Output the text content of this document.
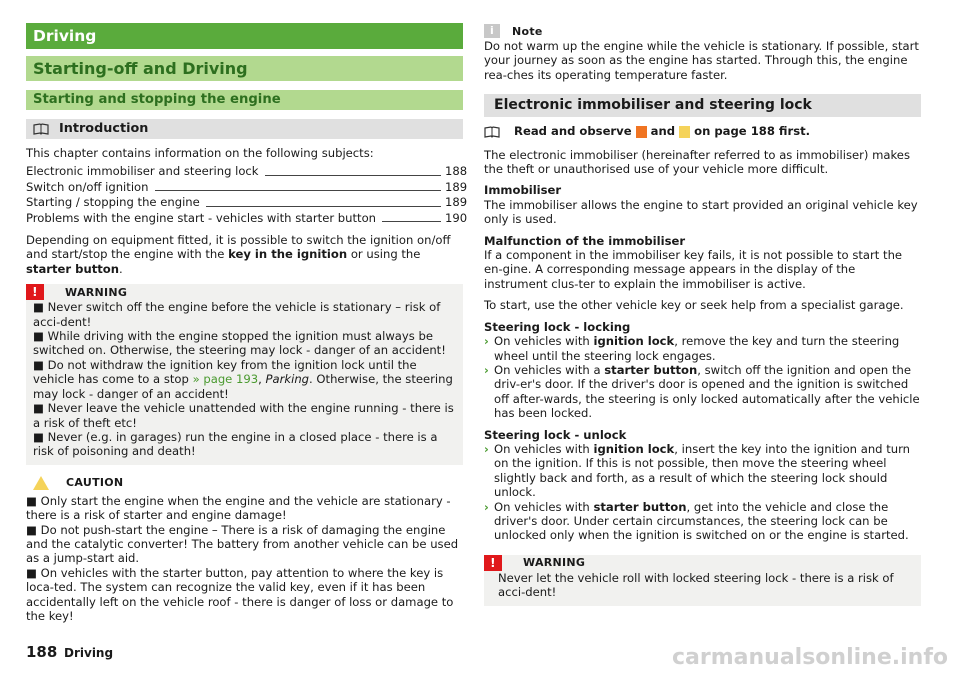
Driving
Starting-off and Driving
Starting and stopping the engine
Introduction

This chapter contains information on the following subjects:

Electronic immobiliser and steering lock	188
Switch on/off ignition	189
Starting / stopping the engine	189
Problems with the engine start - vehicles with starter button	190

Depending on equipment fitted, it is possible to switch the ignition on/off and start/stop the engine with the key in the ignition or using the starter button.

!	WARNING

■ Never switch off the engine before the vehicle is stationary – risk of acci-dent!

■ While driving with the engine stopped the ignition must always be switched on. Otherwise, the steering may lock - danger of an accident!

■ Do not withdraw the ignition key from the ignition lock until the vehicle has come to a stop » page 193, Parking. Otherwise, the steering may lock - danger of an accident!

■ Never leave the vehicle unattended with the engine running - there is a risk of theft etc!

■ Never (e.g. in garages) run the engine in a closed place - there is a risk of poisoning and death!

CAUTION

■ Only start the engine when the engine and the vehicle are stationary - there is a risk of starter and engine damage!

■ Do not push-start the engine – There is a risk of damaging the engine and the catalytic converter! The battery from another vehicle can be used as a jump-start aid.

■ On vehicles with the starter button, pay attention to where the key is loca-ted. The system can recognize the valid key, even if it has been accidentally left on the vehicle roof - there is danger of loss or damage to the key!

i	Note

Do not warm up the engine while the vehicle is stationary. If possible, start your journey as soon as the engine has started. Through this, the engine rea-ches its operating temperature faster.

Electronic immobiliser and steering lock

Read and observe  and  on page 188 first.

The electronic immobiliser (hereinafter referred to as immobiliser) makes the theft or unauthorised use of your vehicle more difficult.

Immobiliser

The immobiliser allows the engine to start provided an original vehicle key only is used.

Malfunction of the immobiliser

If a component in the immobiliser key fails, it is not possible to start the en-gine. A corresponding message appears in the display of the instrument clus-ter to explain the immobiliser is active.

To start, use the other vehicle key or seek help from a specialist garage.

Steering lock - locking

› On vehicles with ignition lock, remove the key and turn the steering wheel until the steering lock engages.
› On vehicles with a starter button, switch off the ignition and open the driv-er's door. If the driver's door is opened and the ignition is switched off after-wards, the steering is only locked automatically after the vehicle has been locked.

Steering lock - unlock

› On vehicles with ignition lock, insert the key into the ignition and turn on the ignition. If this is not possible, then move the steering wheel slightly back and forth, as a result of which the steering lock should unlock.
› On vehicles with starter button, get into the vehicle and close the driver's door. Under certain circumstances, the steering lock can be unlocked only when the ignition is switched on or the engine is started.
!	WARNING

Never let the vehicle roll with locked steering lock - there is a risk of acci-dent!

188 Driving	carmanualsonline.info
